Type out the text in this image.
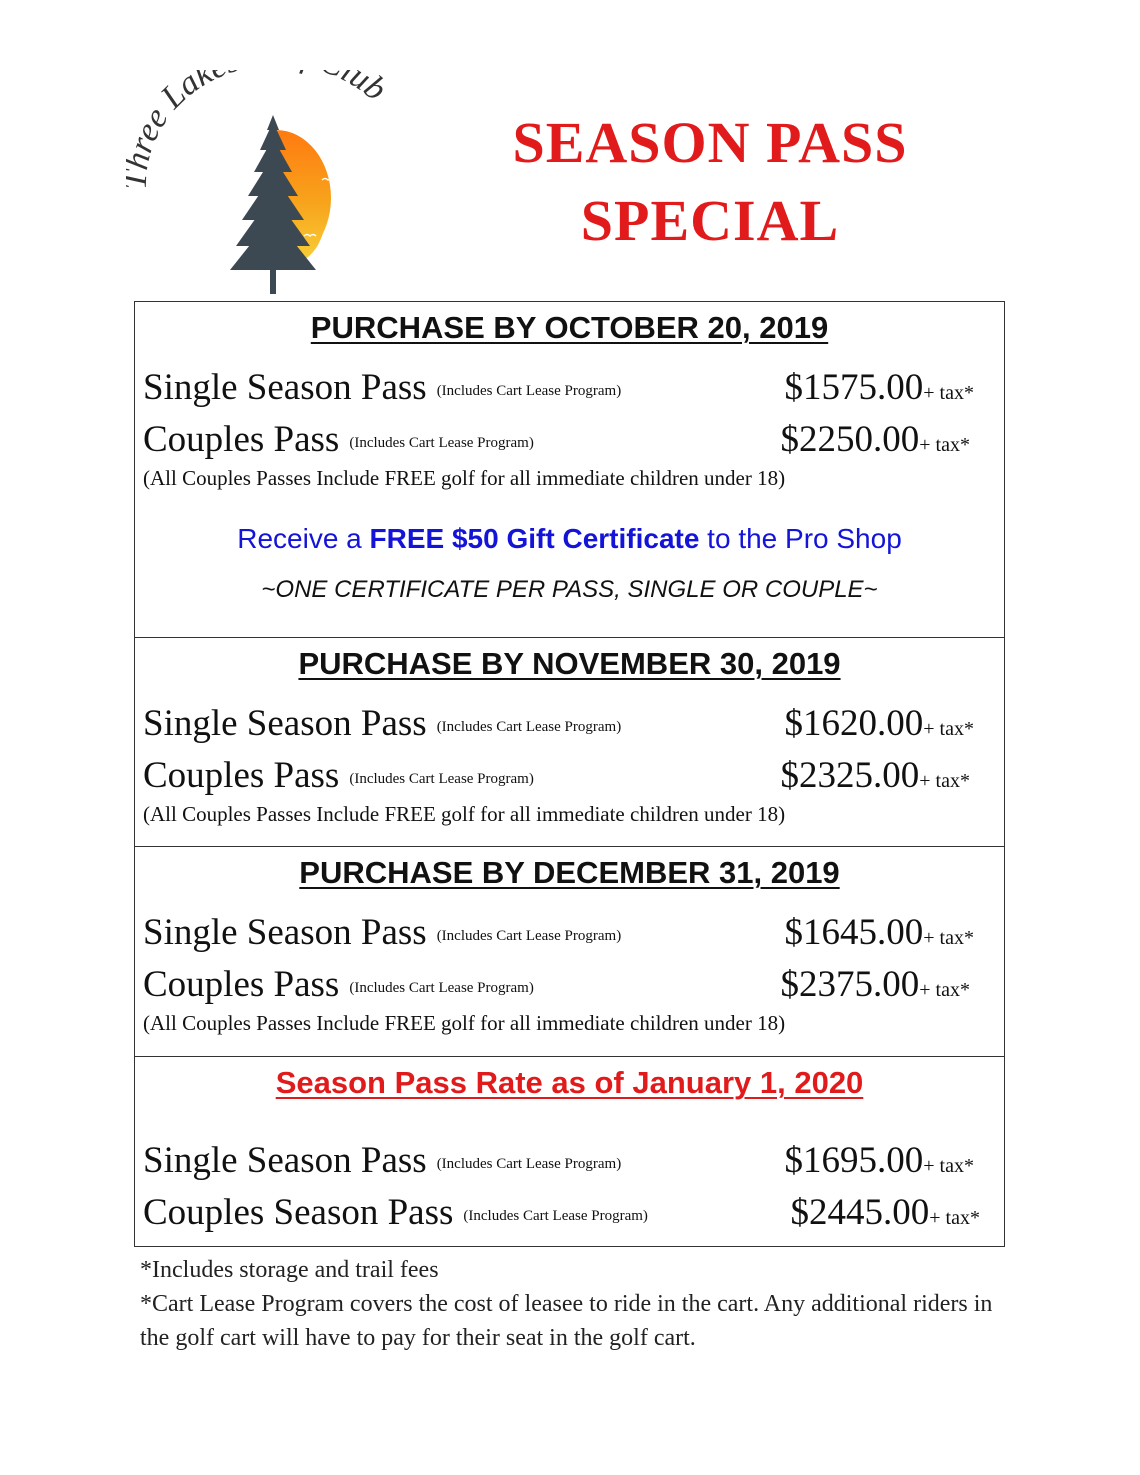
ree Lak lub
SEASON PASS
SPECIAL
PURCHASE BY OCTOBER 20, 2019
Single Season Pass (Includes Cart Lease Program)	$1575.00+ tax*
Couples Pass (Includes Cart Lease Program)	$2250.00+ tax*
(All Couples Passes Include FREE golf for all immediate children under 18)
Receive a FREE $50 Gift Certificate to the Pro Shop
~ONE CERTIFICATE PER PASS, SINGLE OR COUPLE~
PURCHASE BY NOVEMBER 30, 2019
Single Season Pass (Includes Cart Lease Program)	$1620.00+ tax*
Couples Pass (Includes Cart Lease Program)	$2325.00+ tax*
(All Couples Passes Include FREE golf for all immediate children under 18)
PURCHASE BY DECEMBER 31, 2019
Single Season Pass (Includes Cart Lease Program)	$1645.00+ tax*
Couples Pass (Includes Cart Lease Program)	$2375.00+ tax*
(All Couples Passes Include FREE golf for all immediate children under 18)
Season Pass Rate as of January 1, 2020
Single Season Pass (Includes Cart Lease Program)	$1695.00+ tax*
Couples Season Pass (Includes Cart Lease Program)	$2445.00+ tax*
*Includes storage and trail fees
*Cart Lease Program covers the cost of leasee to ride in the cart. Any additional riders in the golf cart will have to pay for their seat in the golf cart.
